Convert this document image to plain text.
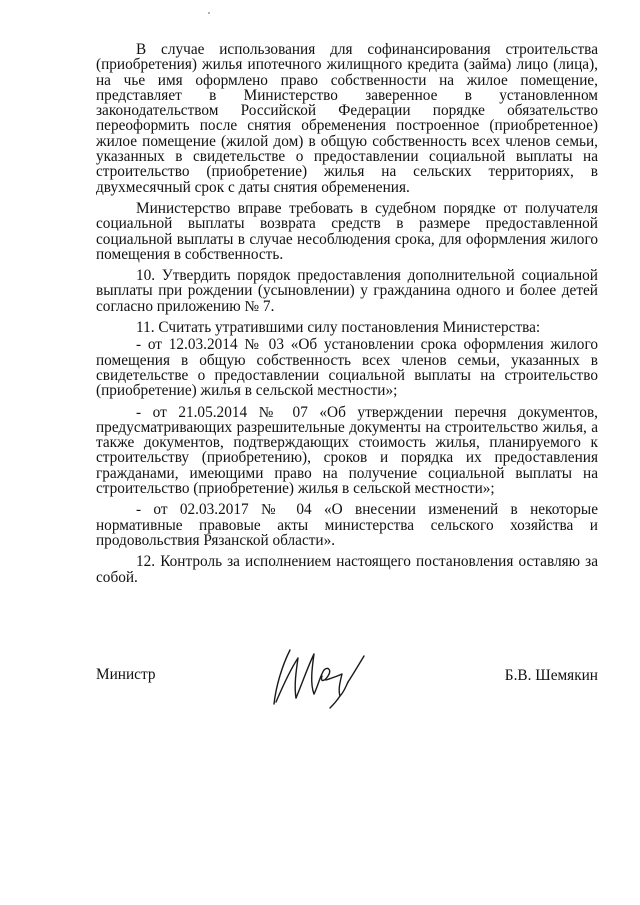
В случае использования для софинансирования строительства (приобретения) жилья ипотечного жилищного кредита (займа) лицо (лица), на чье имя оформлено право собственности на жилое помещение, представляет в Министерство заверенное в установленном законодательством Российской Федерации порядке обязательство переоформить после снятия обременения построенное (приобретенное) жилое помещение (жилой дом) в общую собственность всех членов семьи, указанных в свидетельстве о предоставлении социальной выплаты на строительство (приобретение) жилья на сельских территориях, в двухмесячный срок с даты снятия обременения.

Министерство вправе требовать в судебном порядке от получателя социальной выплаты возврата средств в размере предоставленной социальной выплаты в случае несоблюдения срока, для оформления жилого помещения в собственность.

10. Утвердить порядок предоставления дополнительной социальной выплаты при рождении (усыновлении) у гражданина одного и более детей согласно приложению № 7.

11. Считать утратившими силу постановления Министерства:

- от 12.03.2014 № 03 «Об установлении срока оформления жилого помещения в общую собственность всех членов семьи, указанных в свидетельстве о предоставлении социальной выплаты на строительство (приобретение) жилья в сельской местности»;

- от 21.05.2014 № 07 «Об утверждении перечня документов, предусматривающих разрешительные документы на строительство жилья, а также документов, подтверждающих стоимость жилья, планируемого к строительству (приобретению), сроков и порядка их предоставления гражданами, имеющими право на получение социальной выплаты на строительство (приобретение) жилья в сельской местности»;

- от 02.03.2017 № 04 «О внесении изменений в некоторые нормативные правовые акты министерства сельского хозяйства и продовольствия Рязанской области».

12. Контроль за исполнением настоящего постановления оставляю за собой.

Министр	Б.В. Шемякин
